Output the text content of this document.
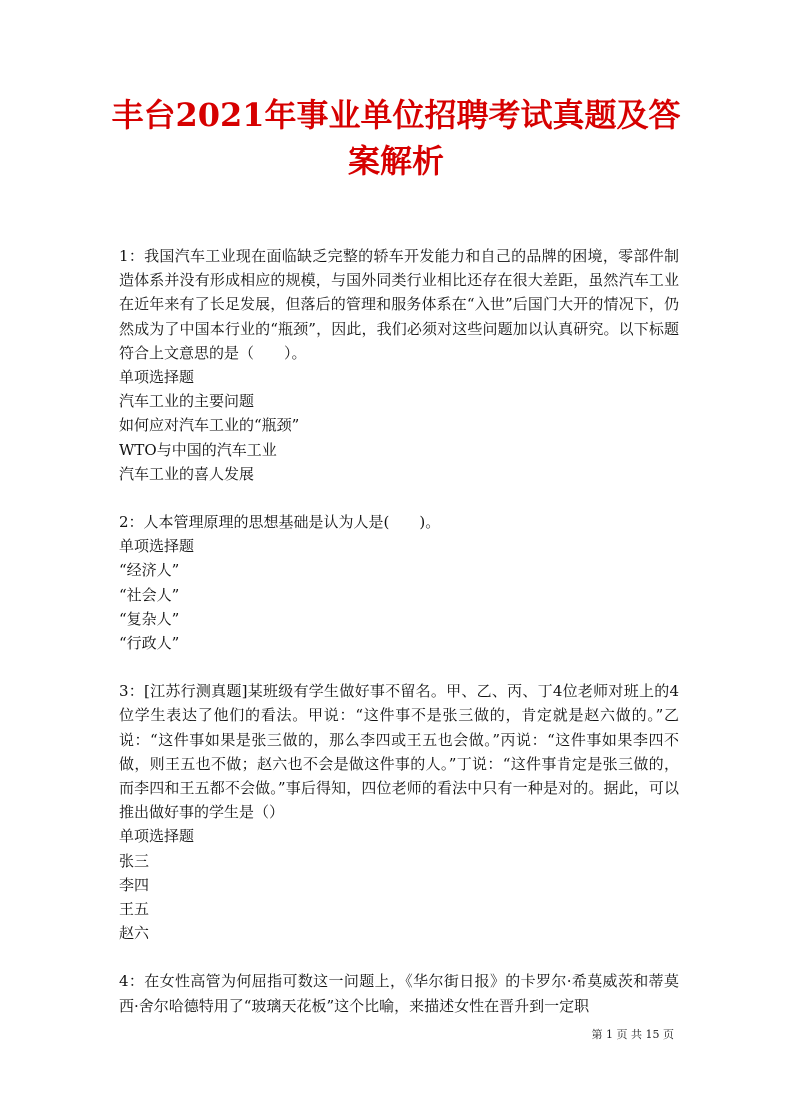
丰台2021年事业单位招聘考试真题及答案解析

1：我国汽车工业现在面临缺乏完整的轿车开发能力和自己的品牌的困境，零部件制造体系并没有形成相应的规模，与国外同类行业相比还存在很大差距，虽然汽车工业在近年来有了长足发展，但落后的管理和服务体系在“入世”后国门大开的情况下，仍然成为了中国本行业的“瓶颈”，因此，我们必须对这些问题加以认真研究。以下标题符合上文意思的是（　　）。

单项选择题

汽车工业的主要问题

如何应对汽车工业的“瓶颈”

WTO与中国的汽车工业

汽车工业的喜人发展

2：人本管理原理的思想基础是认为人是(　　)。

单项选择题

“经济人”

“社会人”

“复杂人”

“行政人”

3：[江苏行测真题]某班级有学生做好事不留名。甲、乙、丙、丁4位老师对班上的4位学生表达了他们的看法。甲说：“这件事不是张三做的，肯定就是赵六做的。”乙说：“这件事如果是张三做的，那么李四或王五也会做。”丙说：“这件事如果李四不做，则王五也不做；赵六也不会是做这件事的人。”丁说：“这件事肯定是张三做的，而李四和王五都不会做。”事后得知，四位老师的看法中只有一种是对的。据此，可以推出做好事的学生是（）

单项选择题

张三

李四

王五

赵六

4：在女性高管为何屈指可数这一问题上，《华尔街日报》的卡罗尔·希莫威茨和蒂莫西·舍尔哈德特用了“玻璃天花板”这个比喻，来描述女性在晋升到一定职

第 1 页 共 15 页
